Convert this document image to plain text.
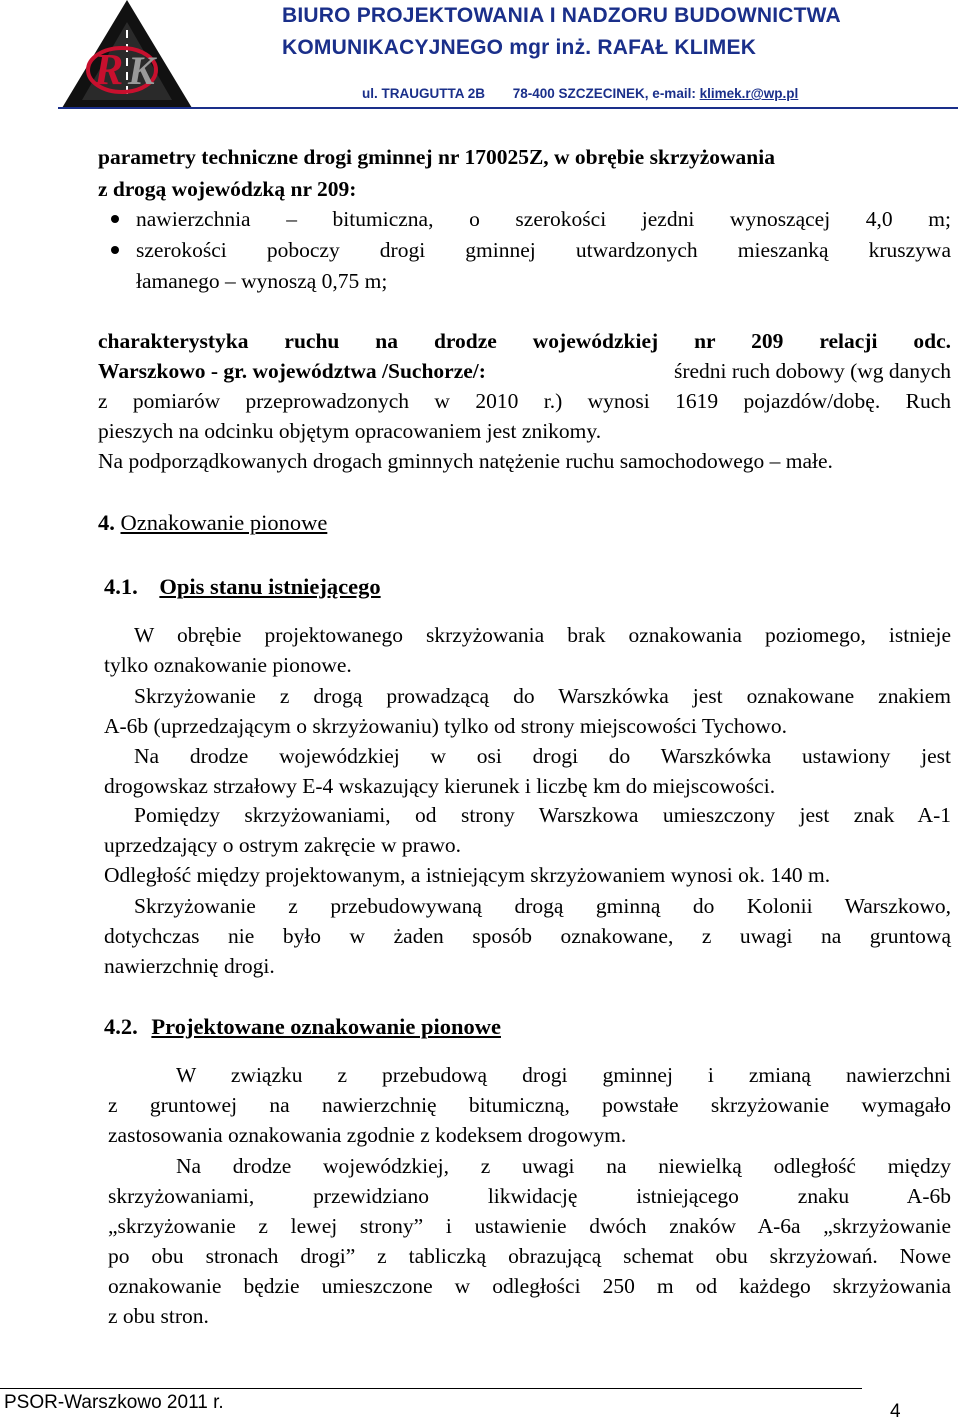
R K
BIURO PROJEKTOWANIA I NADZORU BUDOWNICTWA
KOMUNIKACYJNEGO mgr inż. RAFAŁ KLIMEK
ul. TRAUGUTTA 2B 78-400 SZCZECINEK, e-mail: klimek.r@wp.pl
parametry techniczne drogi gminnej nr 170025Z, w obrębie skrzyżowania
z drogą wojewódzką nr 209:
nawierzchnia – bitumiczna, o szerokości jezdni wynoszącej 4,0 m;
szerokości poboczy drogi gminnej utwardzonych mieszanką kruszywa
łamanego – wynoszą 0,75 m;
charakterystyka ruchu na drodze wojewódzkiej nr 209 relacji odc.
Warszkowo - gr. województwa /Suchorze/:	średni ruch dobowy (wg danych
z pomiarów przeprowadzonych w 2010 r.) wynosi 1619 pojazdów/dobę. Ruch
pieszych na odcinku objętym opracowaniem jest znikomy.
Na podporządkowanych drogach gminnych natężenie ruchu samochodowego – małe.
4. Oznakowanie pionowe
4.1. Opis stanu istniejącego
W obrębie projektowanego skrzyżowania brak oznakowania poziomego, istnieje
tylko oznakowanie pionowe.
Skrzyżowanie z drogą prowadzącą do Warszkówka jest oznakowane znakiem
A-6b (uprzedzającym o skrzyżowaniu) tylko od strony miejscowości Tychowo.
Na drodze wojewódzkiej w osi drogi do Warszkówka ustawiony jest
drogowskaz strzałowy E-4 wskazujący kierunek i liczbę km do miejscowości.
Pomiędzy skrzyżowaniami, od strony Warszkowa umieszczony jest znak A-1
uprzedzający o ostrym zakręcie w prawo.
Odległość między projektowanym, a istniejącym skrzyżowaniem wynosi ok. 140 m.
Skrzyżowanie z przebudowywaną drogą gminną do Kolonii Warszkowo,
dotychczas nie było w żaden sposób oznakowane, z uwagi na gruntową
nawierzchnię drogi.
4.2. Projektowane oznakowanie pionowe
W związku z przebudową drogi gminnej i zmianą nawierzchni
z gruntowej na nawierzchnię bitumiczną, powstałe skrzyżowanie wymagało
zastosowania oznakowania zgodnie z kodeksem drogowym.
Na drodze wojewódzkiej, z uwagi na niewielką odległość między
skrzyżowaniami, przewidziano likwidację istniejącego znaku A-6b
„skrzyżowanie z lewej strony” i ustawienie dwóch znaków A-6a „skrzyżowanie
po obu stronach drogi” z tabliczką obrazującą schemat obu skrzyżowań. Nowe
oznakowanie będzie umieszczone w odległości 250 m od każdego skrzyżowania
z obu stron.
PSOR-Warszkowo 2011 r.	4
